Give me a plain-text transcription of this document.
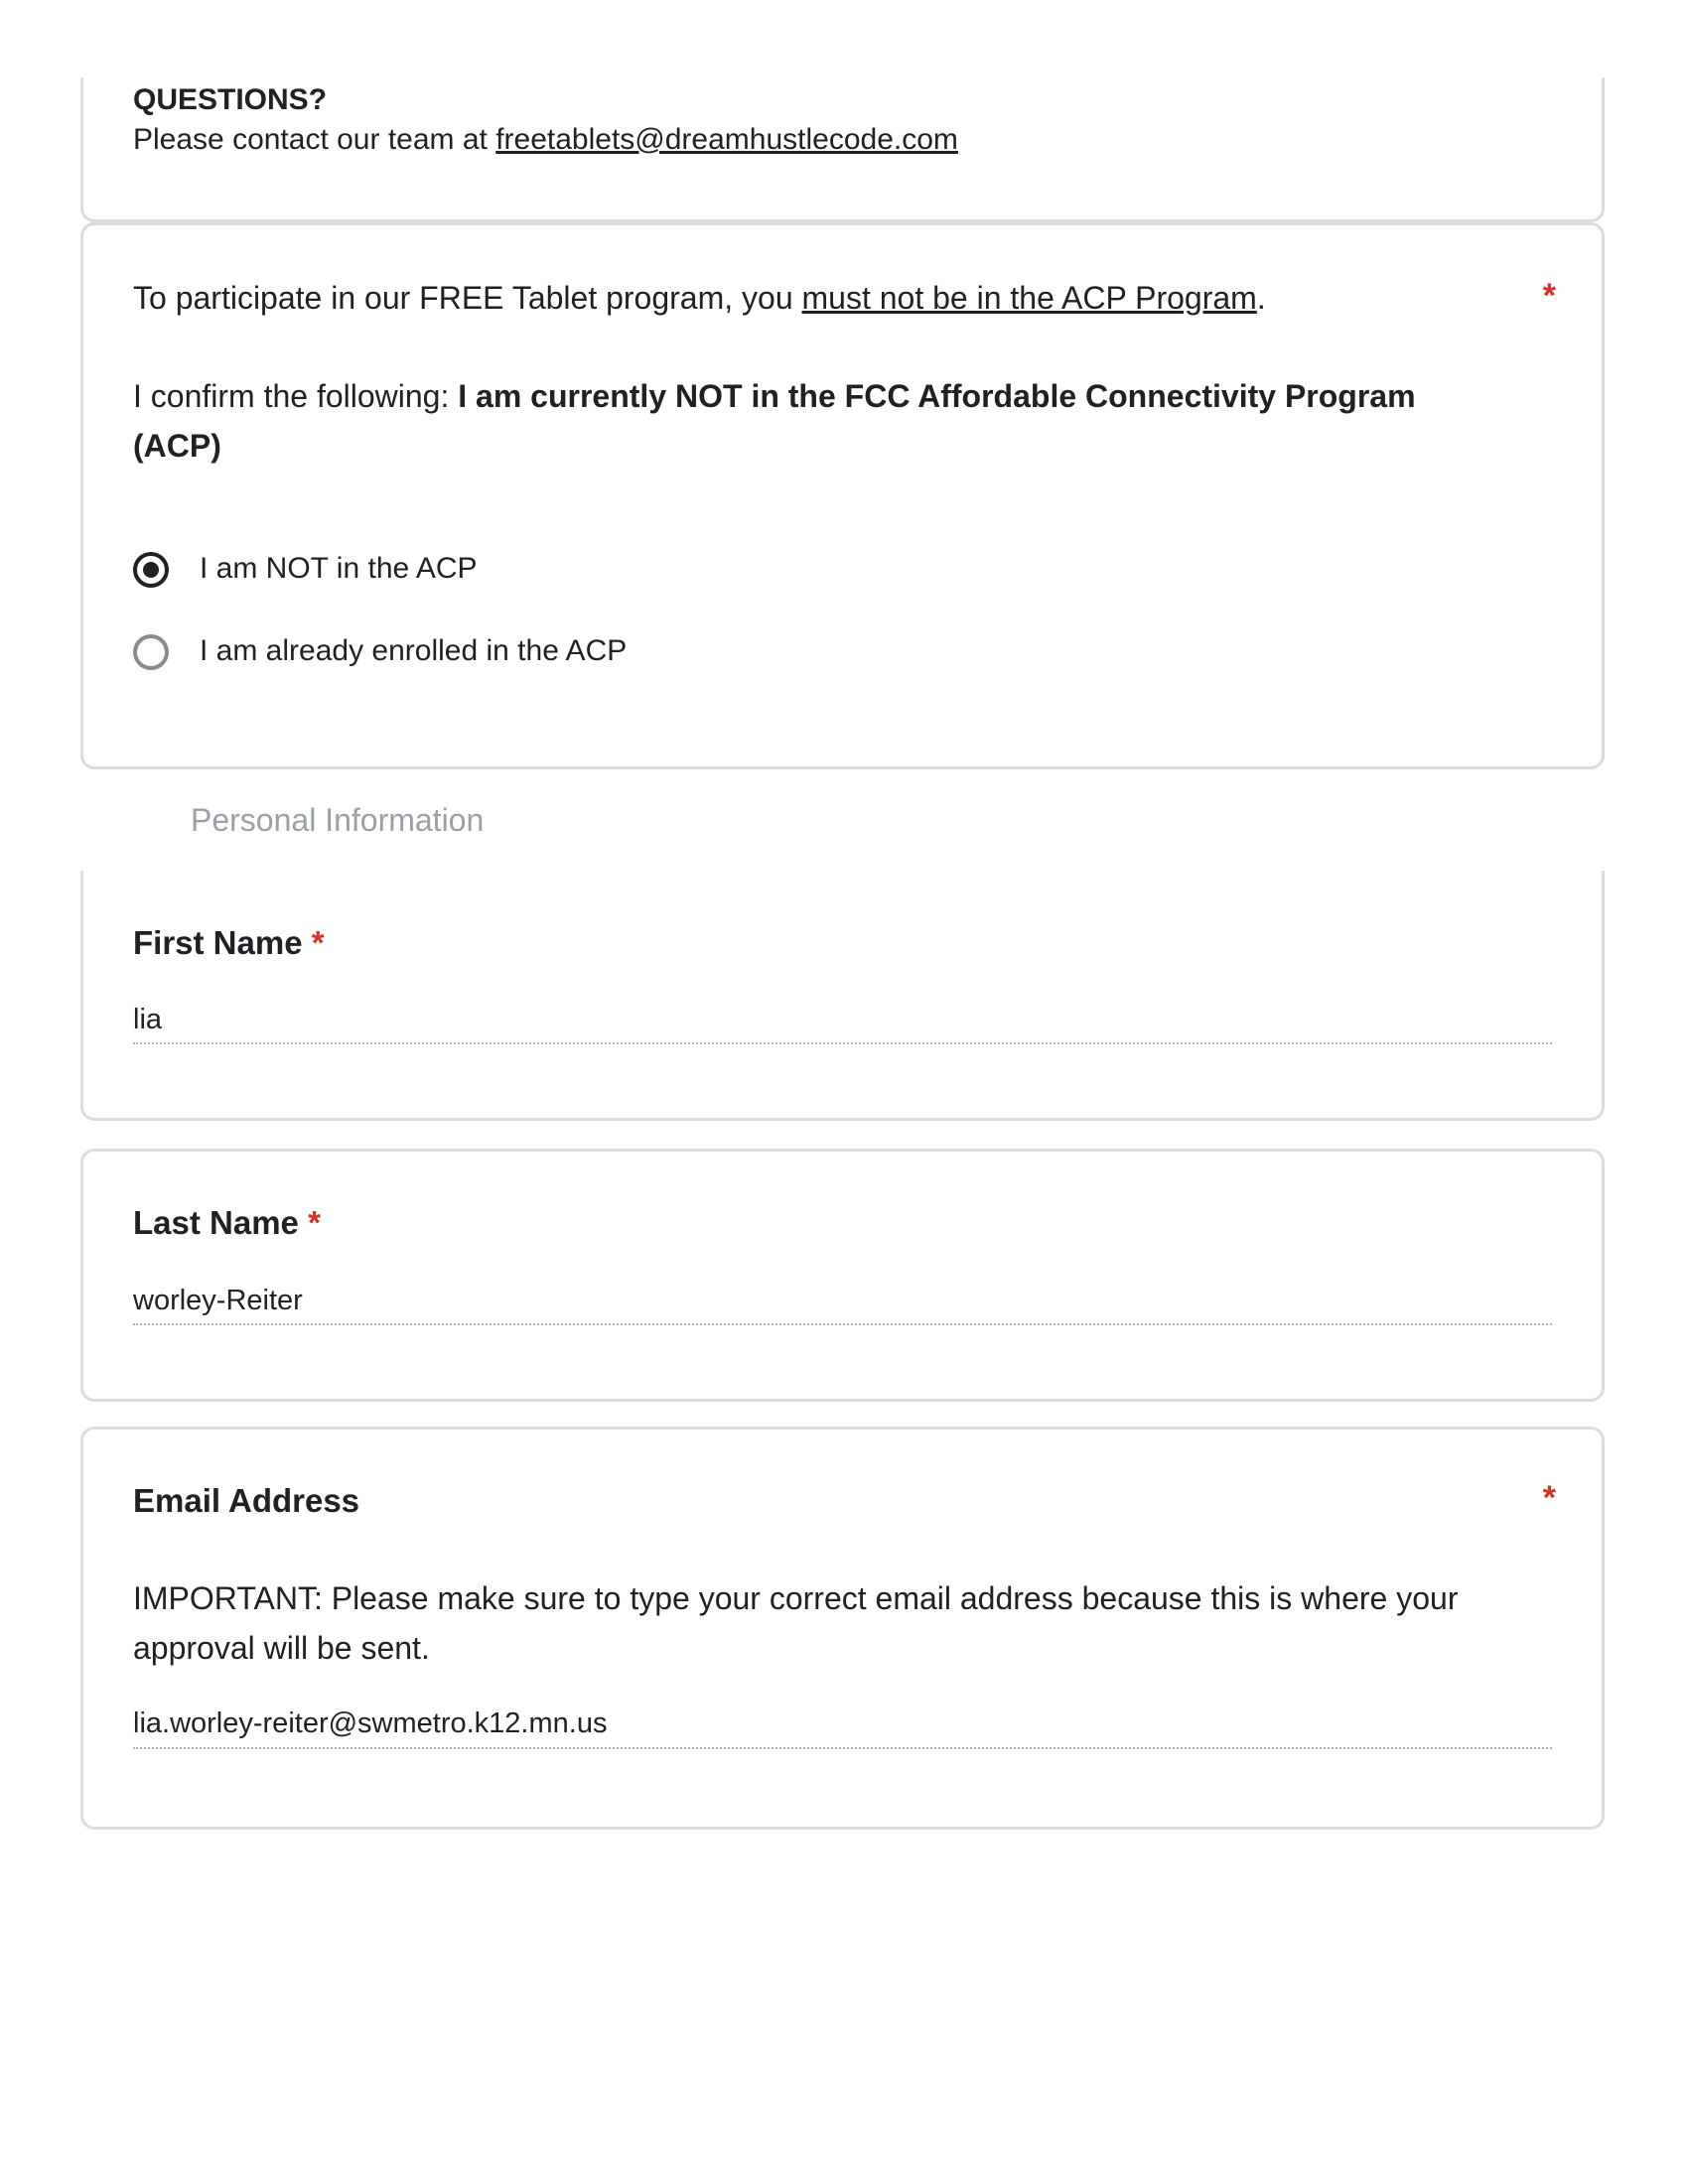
QUESTIONS?
Please contact our team at freetablets@dreamhustlecode.com
To participate in our FREE Tablet program, you must not be in the ACP Program.	*
I confirm the following: I am currently NOT in the FCC Affordable Connectivity Program
(ACP)
I am NOT in the ACP
I am already enrolled in the ACP
Personal Information
First Name *
lia
Last Name *
worley-Reiter
Email Address	*
IMPORTANT: Please make sure to type your correct email address because this is where your
approval will be sent.
lia.worley-reiter@swmetro.k12.mn.us
